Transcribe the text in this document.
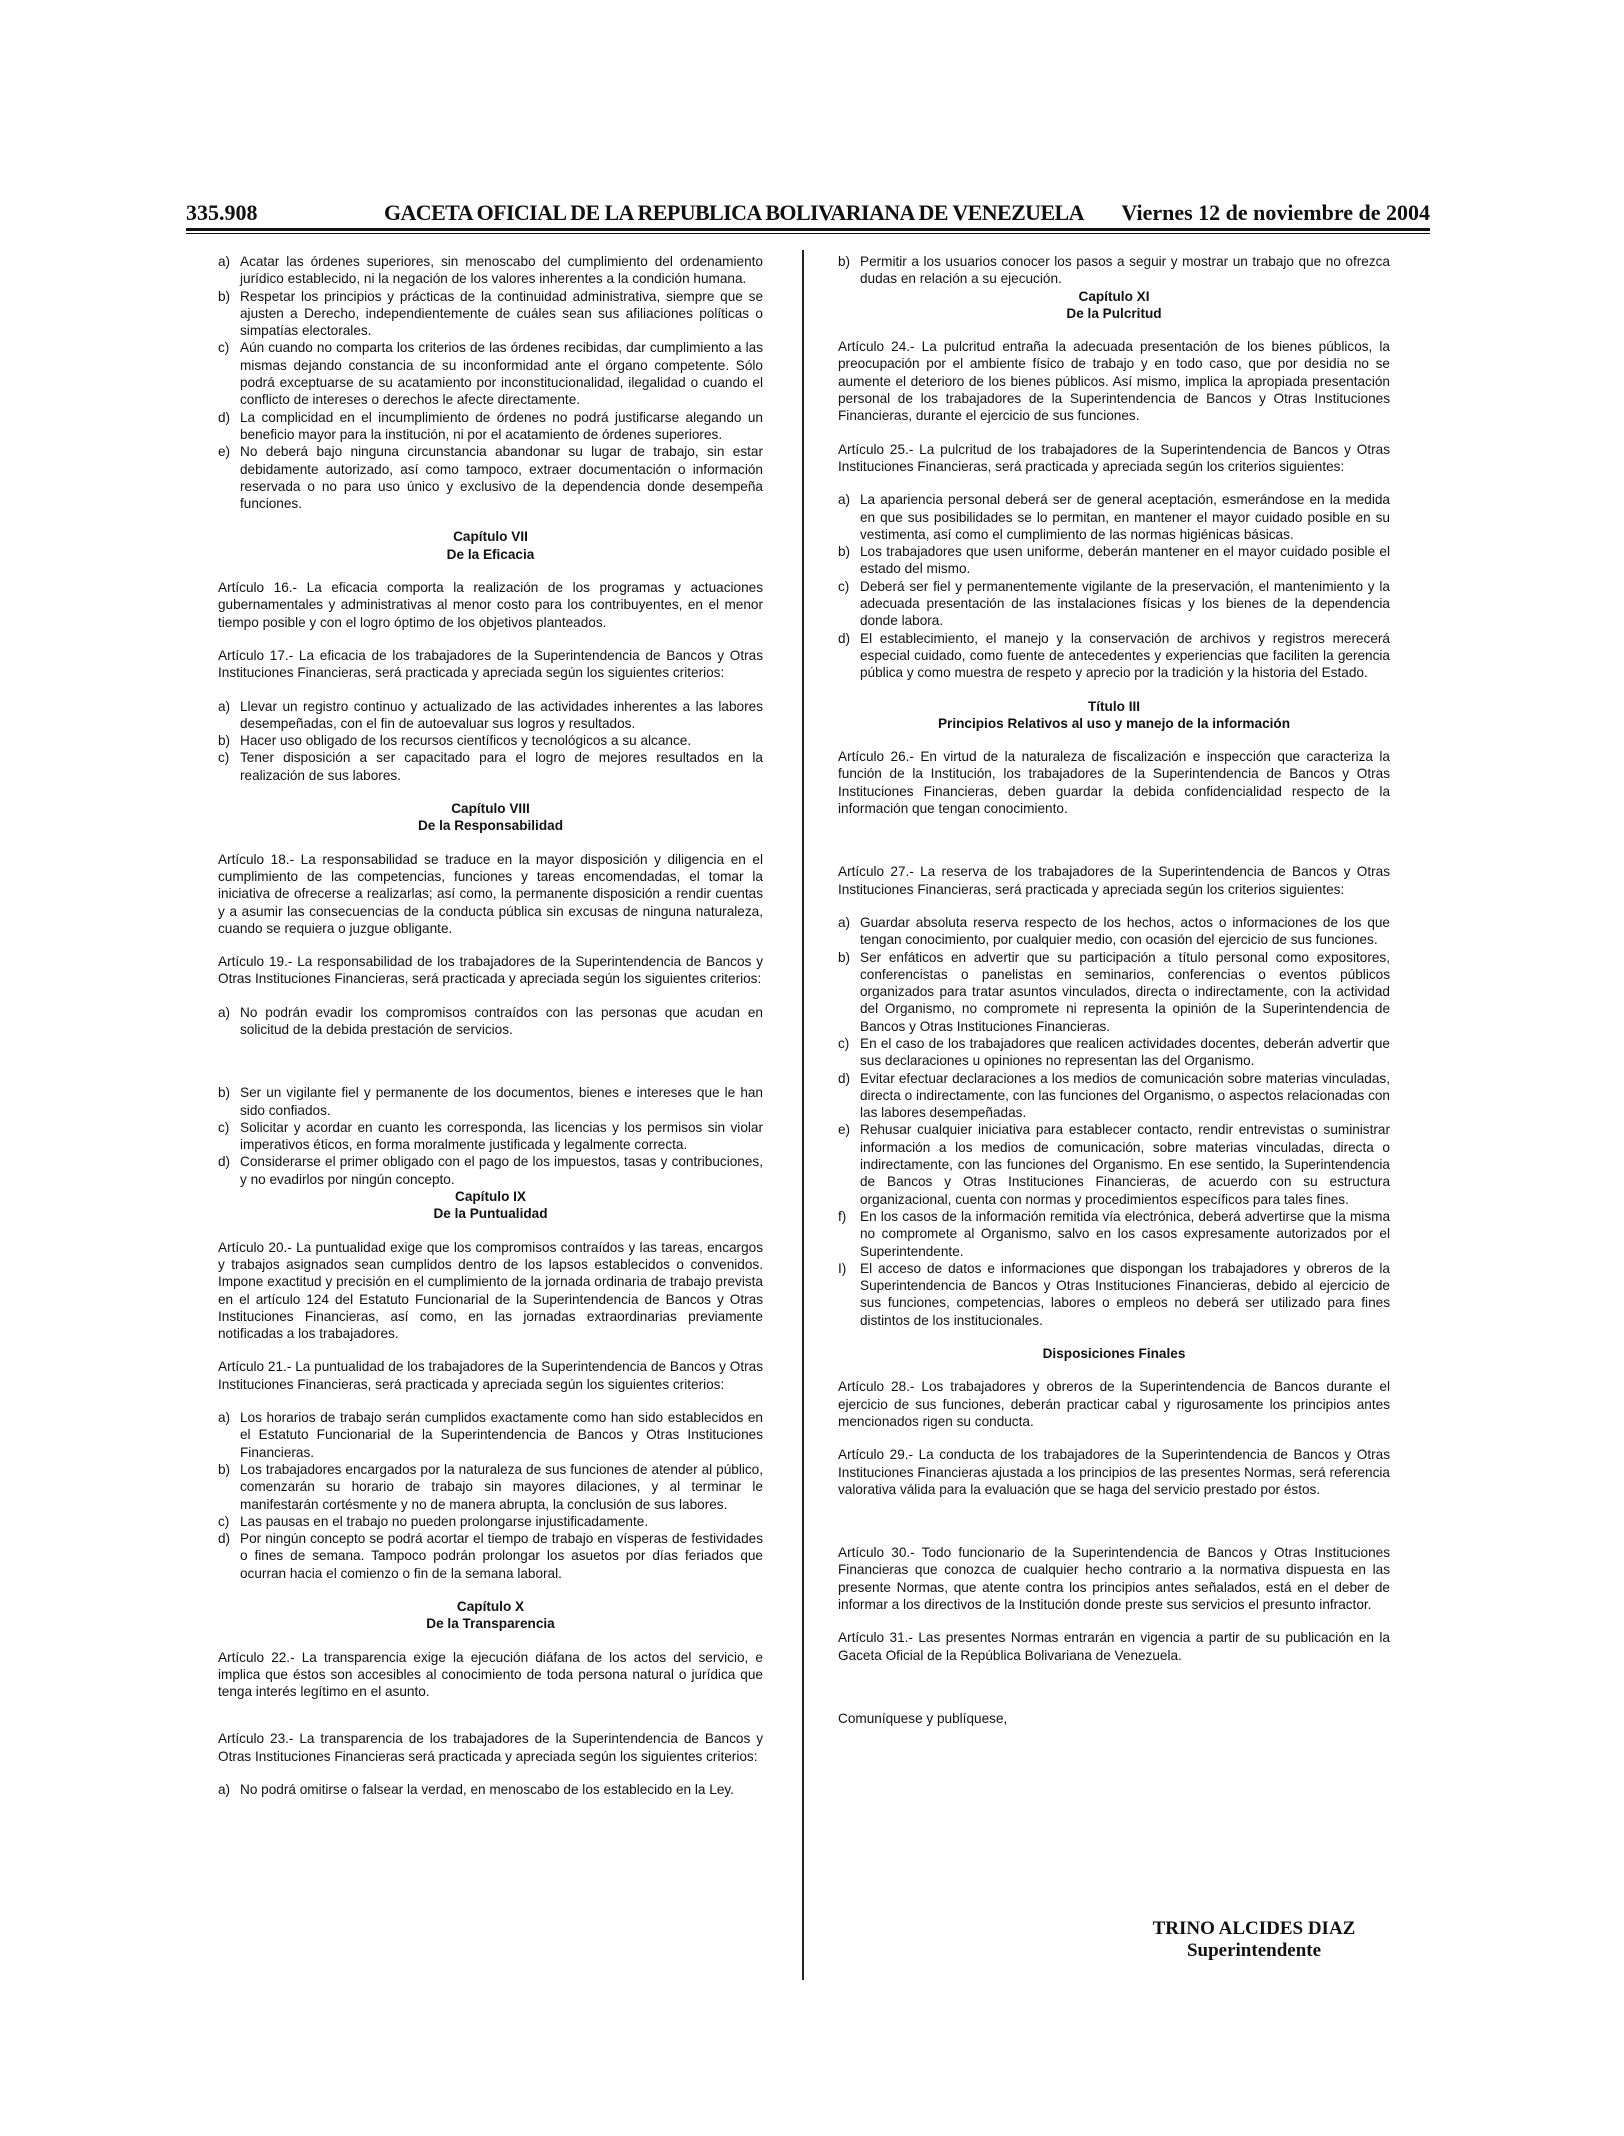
335.908	GACETA OFICIAL DE LA REPUBLICA BOLIVARIANA DE VENEZUELA Viernes 12 de noviembre de 2004
a) Acatar las órdenes superiores, sin menoscabo del cumplimiento del ordenamiento jurídico establecido, ni la negación de los valores inherentes a la condición humana.
b) Respetar los principios y prácticas de la continuidad administrativa, siempre que se ajusten a Derecho, independientemente de cuáles sean sus afiliaciones políticas o simpatías electorales.
c) Aún cuando no comparta los criterios de las órdenes recibidas, dar cumplimiento a las mismas dejando constancia de su inconformidad ante el órgano competente. Sólo podrá exceptuarse de su acatamiento por inconstitucionalidad, ilegalidad o cuando el conflicto de intereses o derechos le afecte directamente.
d) La complicidad en el incumplimiento de órdenes no podrá justificarse alegando un beneficio mayor para la institución, ni por el acatamiento de órdenes superiores.
e) No deberá bajo ninguna circunstancia abandonar su lugar de trabajo, sin estar debidamente autorizado, así como tampoco, extraer documentación o información reservada o no para uso único y exclusivo de la dependencia donde desempeña funciones.
Capítulo VII
De la Eficacia

Artículo 16.- La eficacia comporta la realización de los programas y actuaciones gubernamentales y administrativas al menor costo para los contribuyentes, en el menor tiempo posible y con el logro óptimo de los objetivos planteados.

Artículo 17.- La eficacia de los trabajadores de la Superintendencia de Bancos y Otras Instituciones Financieras, será practicada y apreciada según los siguientes criterios:

a) Llevar un registro continuo y actualizado de las actividades inherentes a las labores desempeñadas, con el fin de autoevaluar sus logros y resultados.
b) Hacer uso obligado de los recursos científicos y tecnológicos a su alcance.
c) Tener disposición a ser capacitado para el logro de mejores resultados en la realización de sus labores.
Capítulo VIII
De la Responsabilidad

Artículo 18.- La responsabilidad se traduce en la mayor disposición y diligencia en el cumplimiento de las competencias, funciones y tareas encomendadas, el tomar la iniciativa de ofrecerse a realizarlas; así como, la permanente disposición a rendir cuentas y a asumir las consecuencias de la conducta pública sin excusas de ninguna naturaleza, cuando se requiera o juzgue obligante.

Artículo 19.- La responsabilidad de los trabajadores de la Superintendencia de Bancos y Otras Instituciones Financieras, será practicada y apreciada según los siguientes criterios:

a) No podrán evadir los compromisos contraídos con las personas que acudan en solicitud de la debida prestación de servicios.
b) Ser un vigilante fiel y permanente de los documentos, bienes e intereses que le han sido confiados.
c) Solicitar y acordar en cuanto les corresponda, las licencias y los permisos sin violar imperativos éticos, en forma moralmente justificada y legalmente correcta.
d) Considerarse el primer obligado con el pago de los impuestos, tasas y contribuciones, y no evadirlos por ningún concepto.
Capítulo IX
De la Puntualidad

Artículo 20.- La puntualidad exige que los compromisos contraídos y las tareas, encargos y trabajos asignados sean cumplidos dentro de los lapsos establecidos o convenidos. Impone exactitud y precisión en el cumplimiento de la jornada ordinaria de trabajo prevista en el artículo 124 del Estatuto Funcionarial de la Superintendencia de Bancos y Otras Instituciones Financieras, así como, en las jornadas extraordinarias previamente notificadas a los trabajadores.

Artículo 21.- La puntualidad de los trabajadores de la Superintendencia de Bancos y Otras Instituciones Financieras, será practicada y apreciada según los siguientes criterios:

a) Los horarios de trabajo serán cumplidos exactamente como han sido establecidos en el Estatuto Funcionarial de la Superintendencia de Bancos y Otras Instituciones Financieras.
b) Los trabajadores encargados por la naturaleza de sus funciones de atender al público, comenzarán su horario de trabajo sin mayores dilaciones, y al terminar le manifestarán cortésmente y no de manera abrupta, la conclusión de sus labores.
c) Las pausas en el trabajo no pueden prolongarse injustificadamente.
d) Por ningún concepto se podrá acortar el tiempo de trabajo en vísperas de festividades o fines de semana. Tampoco podrán prolongar los asuetos por días feriados que ocurran hacia el comienzo o fin de la semana laboral.
Capítulo X
De la Transparencia

Artículo 22.- La transparencia exige la ejecución diáfana de los actos del servicio, e implica que éstos son accesibles al conocimiento de toda persona natural o jurídica que tenga interés legítimo en el asunto.

Artículo 23.- La transparencia de los trabajadores de la Superintendencia de Bancos y Otras Instituciones Financieras será practicada y apreciada según los siguientes criterios:

a) No podrá omitirse o falsear la verdad, en menoscabo de los establecido en la Ley.
b) Permitir a los usuarios conocer los pasos a seguir y mostrar un trabajo que no ofrezca dudas en relación a su ejecución.
Capítulo XI
De la Pulcritud

Artículo 24.- La pulcritud entraña la adecuada presentación de los bienes públicos, la preocupación por el ambiente físico de trabajo y en todo caso, que por desidia no se aumente el deterioro de los bienes públicos. Así mismo, implica la apropiada presentación personal de los trabajadores de la Superintendencia de Bancos y Otras Instituciones Financieras, durante el ejercicio de sus funciones.

Artículo 25.- La pulcritud de los trabajadores de la Superintendencia de Bancos y Otras Instituciones Financieras, será practicada y apreciada según los criterios siguientes:

a) La apariencia personal deberá ser de general aceptación, esmerándose en la medida en que sus posibilidades se lo permitan, en mantener el mayor cuidado posible en su vestimenta, así como el cumplimiento de las normas higiénicas básicas.
b) Los trabajadores que usen uniforme, deberán mantener en el mayor cuidado posible el estado del mismo.
c) Deberá ser fiel y permanentemente vigilante de la preservación, el mantenimiento y la adecuada presentación de las instalaciones físicas y los bienes de la dependencia donde labora.
d) El establecimiento, el manejo y la conservación de archivos y registros merecerá especial cuidado, como fuente de antecedentes y experiencias que faciliten la gerencia pública y como muestra de respeto y aprecio por la tradición y la historia del Estado.
Título III
Principios Relativos al uso y manejo de la información

Artículo 26.- En virtud de la naturaleza de fiscalización e inspección que caracteriza la función de la Institución, los trabajadores de la Superintendencia de Bancos y Otras Instituciones Financieras, deben guardar la debida confidencialidad respecto de la información que tengan conocimiento.

Artículo 27.- La reserva de los trabajadores de la Superintendencia de Bancos y Otras Instituciones Financieras, será practicada y apreciada según los criterios siguientes:

a) Guardar absoluta reserva respecto de los hechos, actos o informaciones de los que tengan conocimiento, por cualquier medio, con ocasión del ejercicio de sus funciones.
b) Ser enfáticos en advertir que su participación a título personal como expositores, conferencistas o panelistas en seminarios, conferencias o eventos públicos organizados para tratar asuntos vinculados, directa o indirectamente, con la actividad del Organismo, no compromete ni representa la opinión de la Superintendencia de Bancos y Otras Instituciones Financieras.
c) En el caso de los trabajadores que realicen actividades docentes, deberán advertir que sus declaraciones u opiniones no representan las del Organismo.
d) Evitar efectuar declaraciones a los medios de comunicación sobre materias vinculadas, directa o indirectamente, con las funciones del Organismo, o aspectos relacionadas con las labores desempeñadas.
e) Rehusar cualquier iniciativa para establecer contacto, rendir entrevistas o suministrar información a los medios de comunicación, sobre materias vinculadas, directa o indirectamente, con las funciones del Organismo. En ese sentido, la Superintendencia de Bancos y Otras Instituciones Financieras, de acuerdo con su estructura organizacional, cuenta con normas y procedimientos específicos para tales fines.
f) En los casos de la información remitida vía electrónica, deberá advertirse que la misma no compromete al Organismo, salvo en los casos expresamente autorizados por el Superintendente.
I) El acceso de datos e informaciones que dispongan los trabajadores y obreros de la Superintendencia de Bancos y Otras Instituciones Financieras, debido al ejercicio de sus funciones, competencias, labores o empleos no deberá ser utilizado para fines distintos de los institucionales.
Disposiciones Finales

Artículo 28.- Los trabajadores y obreros de la Superintendencia de Bancos durante el ejercicio de sus funciones, deberán practicar cabal y rigurosamente los principios antes mencionados rigen su conducta.

Artículo 29.- La conducta de los trabajadores de la Superintendencia de Bancos y Otras Instituciones Financieras ajustada a los principios de las presentes Normas, será referencia valorativa válida para la evaluación que se haga del servicio prestado por éstos.

Artículo 30.- Todo funcionario de la Superintendencia de Bancos y Otras Instituciones Financieras que conozca de cualquier hecho contrario a la normativa dispuesta en las presente Normas, que atente contra los principios antes señalados, está en el deber de informar a los directivos de la Institución donde preste sus servicios el presunto infractor.

Artículo 31.- Las presentes Normas entrarán en vigencia a partir de su publicación en la Gaceta Oficial de la República Bolivariana de Venezuela.

Comuníquese y publíquese,

TRINO ALCIDES DIAZ
Superintendente
